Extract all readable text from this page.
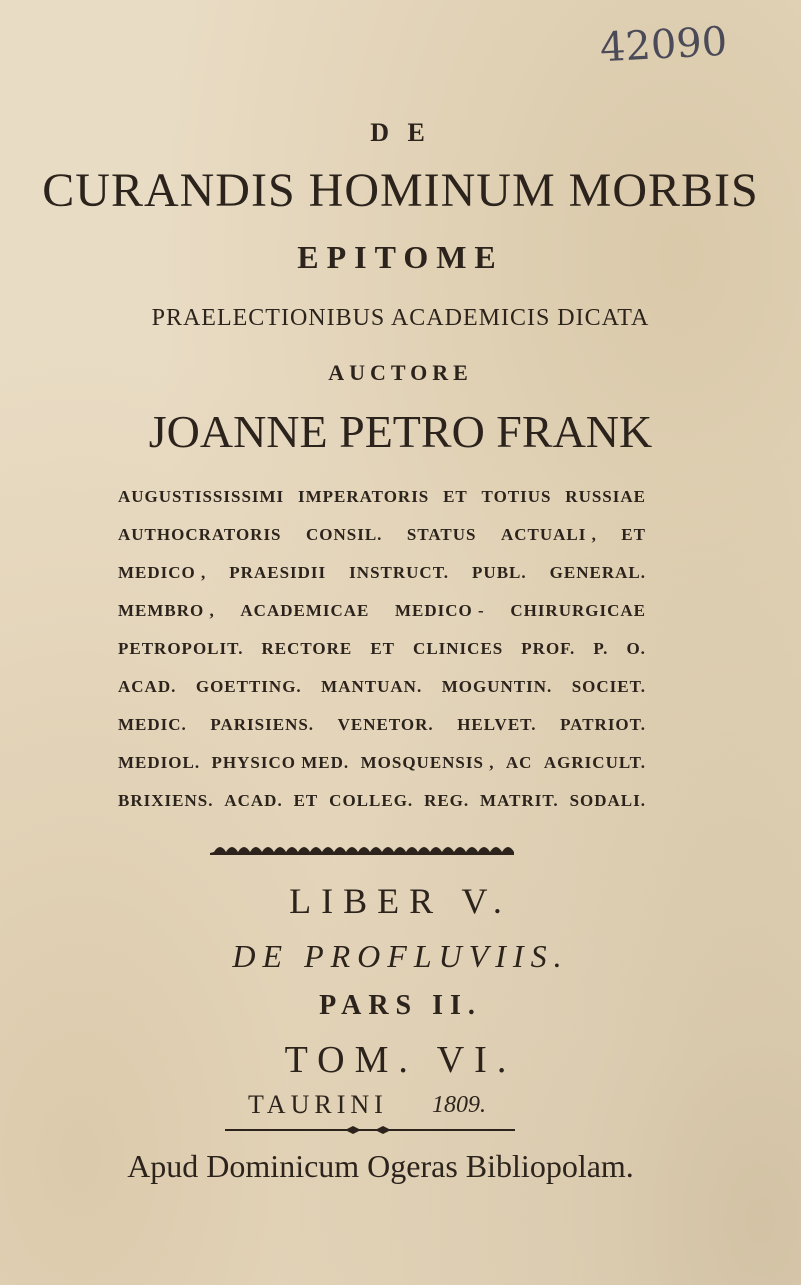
42090
D E
CURANDIS HOMINUM MORBIS
EPITOME
PRAELECTIONIBUS ACADEMICIS DICATA
AUCTORE
JOANNE PETRO FRANK
AUGUSTISSISSIMI IMPERATORIS ET TOTIUS RUSSIAE
AUTHOCRATORIS CONSIL. STATUS ACTUALI , ET
MEDICO , PRAESIDII INSTRUCT. PUBL. GENERAL.
MEMBRO , ACADEMICAE MEDICO - CHIRURGICAE
PETROPOLIT. RECTORE ET CLINICES PROF. P. O.
ACAD. GOETTING. MANTUAN. MOGUNTIN. SOCIET.
MEDIC. PARISIENS. VENETOR. HELVET. PATRIOT.
MEDIOL. PHYSICO MED. MOSQUENSIS , AC AGRICULT.
BRIXIENS. ACAD. ET COLLEG. REG. MATRIT. SODALI.
LIBER V.
DE PROFLUVIIS.
PARS II.
TOM. VI.
TAURINI 1809.
Apud Dominicum Ogeras Bibliopolam.
